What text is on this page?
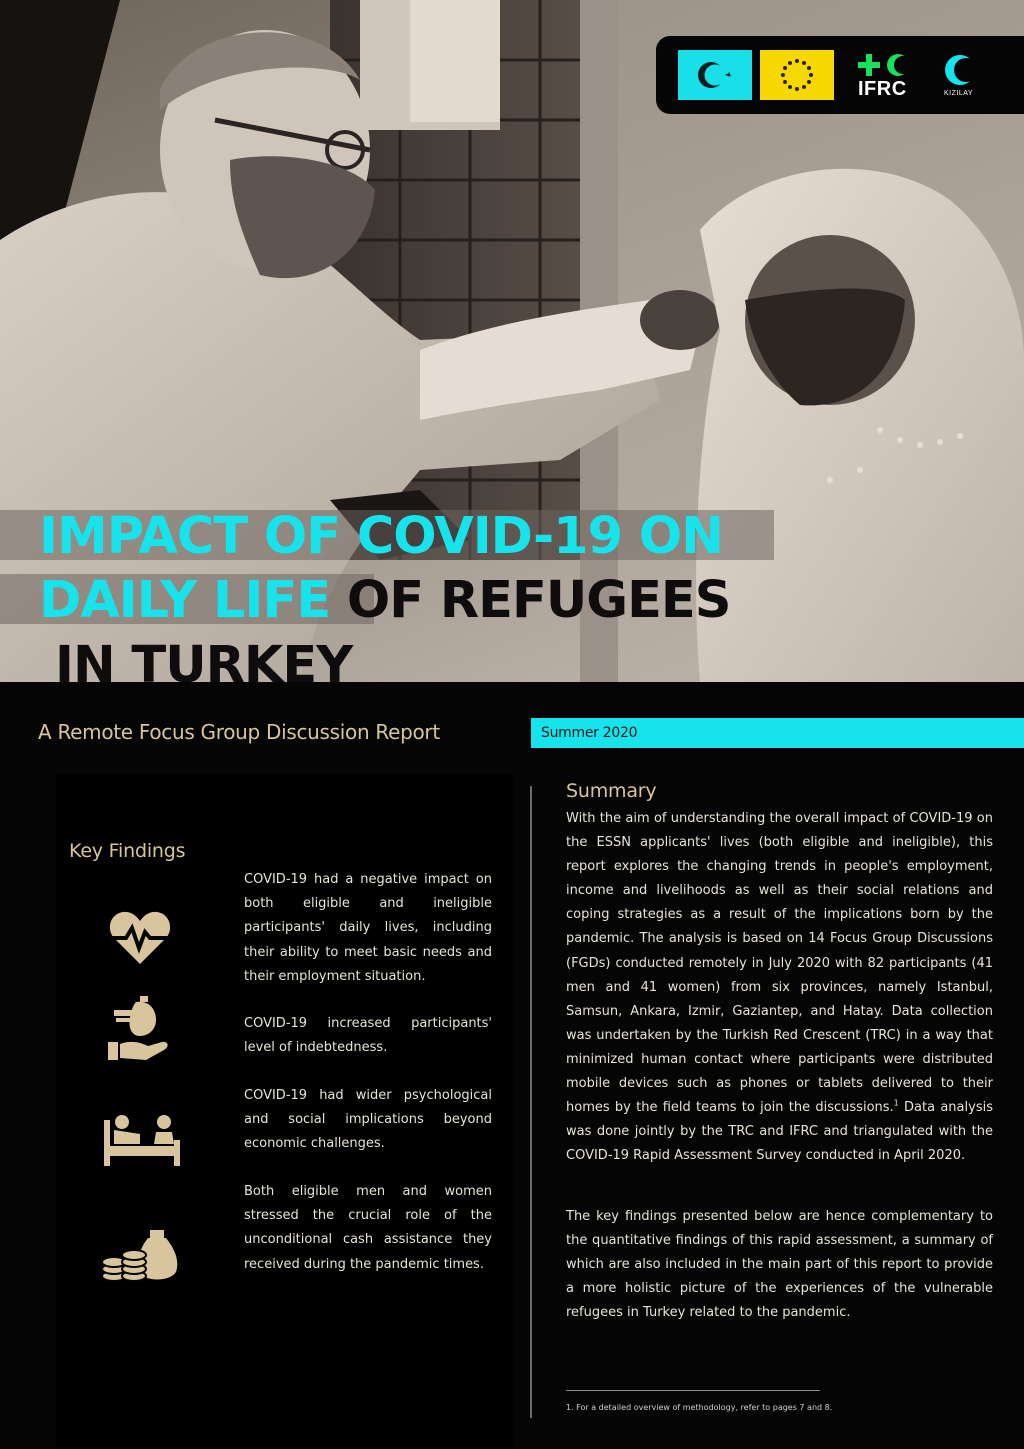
IFRC	KIZILAY
IMPACT OF COVID-19 ON
DAILY LIFE OF REFUGEES
IN TURKEY
A Remote Focus Group Discussion Report	Summer 2020
Key Findings
COVID-19 had a negative impact on both eligible and ineligible participants' daily lives, including their ability to meet basic needs and their employment situation.
COVID-19 increased participants' level of indebtedness.
COVID-19 had wider psychological and social implications beyond economic challenges.
Both eligible men and women stressed the crucial role of the unconditional cash assistance they received during the pandemic times.
Summary
With the aim of understanding the overall impact of COVID-19 on the ESSN applicants' lives (both eligible and ineligible), this report explores the changing trends in people's employment, income and livelihoods as well as their social relations and coping strategies as a result of the implications born by the pandemic. The analysis is based on 14 Focus Group Discussions (FGDs) conducted remotely in July 2020 with 82 participants (41 men and 41 women) from six provinces, namely Istanbul, Samsun, Ankara, Izmir, Gaziantep, and Hatay. Data collection was undertaken by the Turkish Red Crescent (TRC) in a way that minimized human contact where participants were distributed mobile devices such as phones or tablets delivered to their homes by the field teams to join the discussions.$^1$ Data analysis was done jointly by the TRC and IFRC and triangulated with the COVID-19 Rapid Assessment Survey conducted in April 2020.
The key findings presented below are hence complementary to the quantitative findings of this rapid assessment, a summary of which are also included in the main part of this report to provide a more holistic picture of the experiences of the vulnerable refugees in Turkey related to the pandemic.
1. For a detailed overview of methodology, refer to pages 7 and 8.
